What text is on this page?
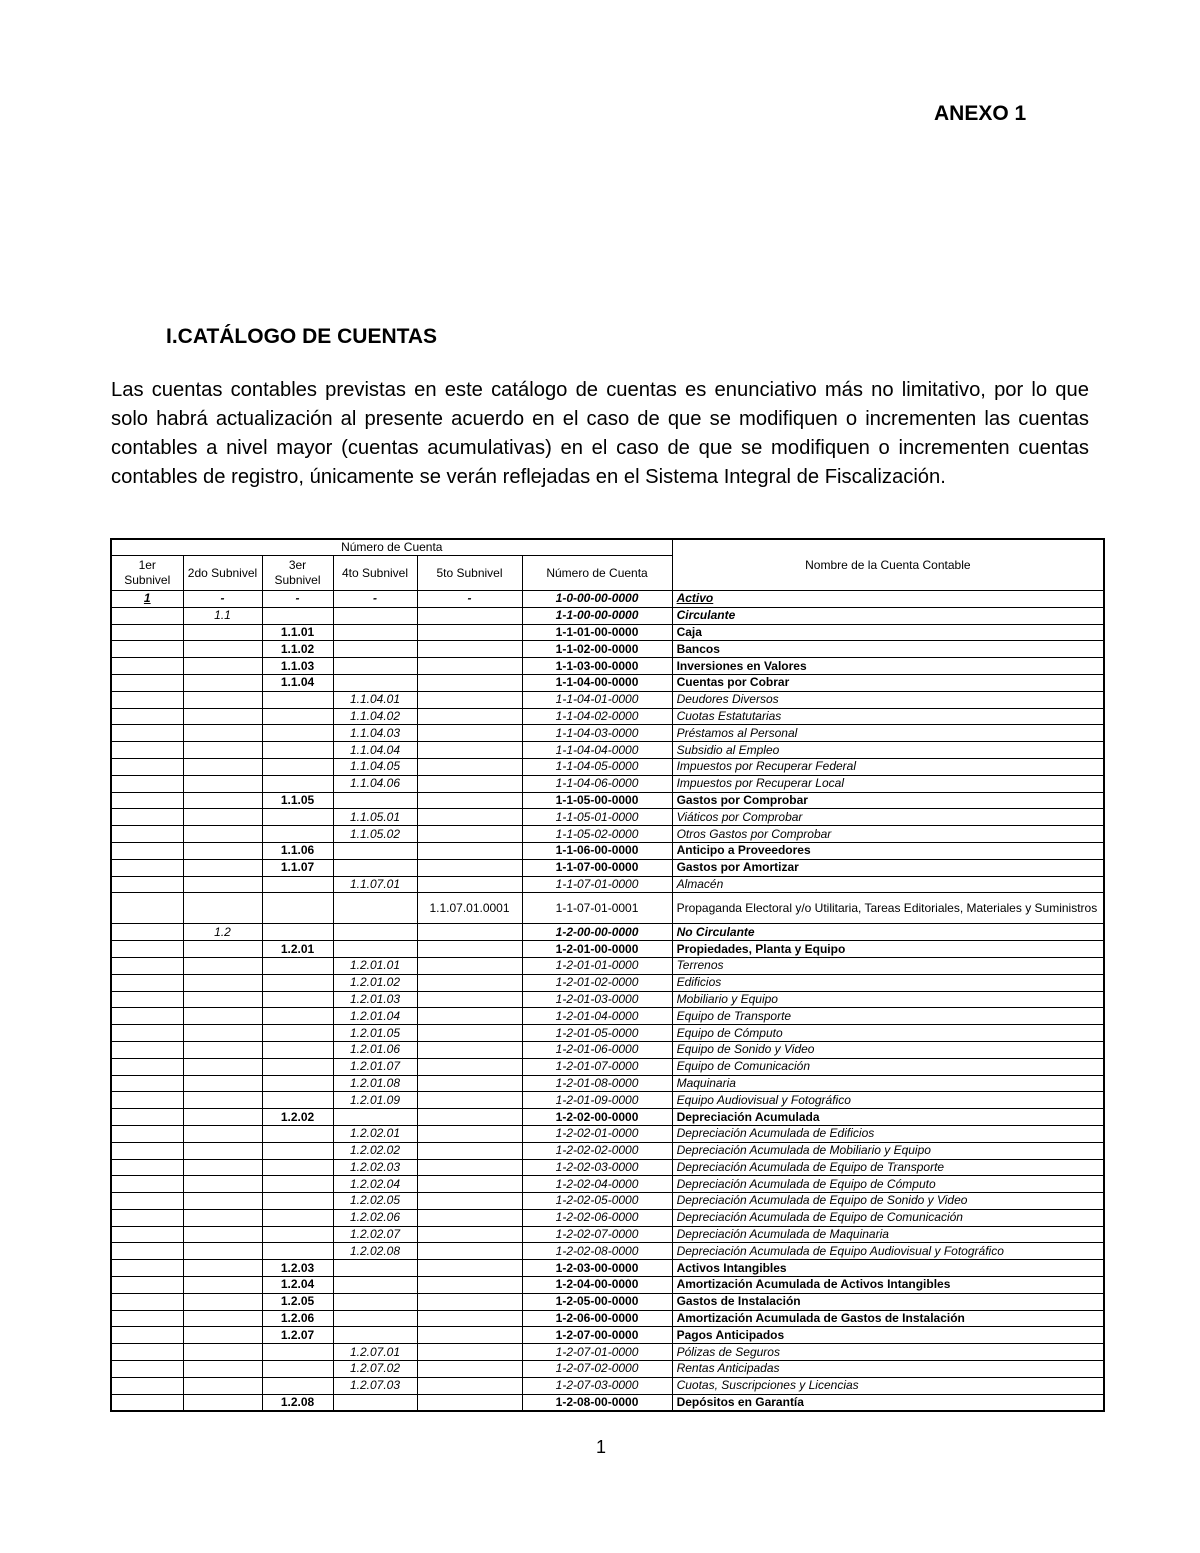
ANEXO 1
I.CATÁLOGO DE CUENTAS

Las cuentas contables previstas en este catálogo de cuentas es enunciativo más no limitativo, por lo que solo habrá actualización al presente acuerdo en el caso de que se modifiquen o incrementen las cuentas contables a nivel mayor (cuentas acumulativas) en el caso de que se modifiquen o incrementen cuentas contables de registro, únicamente se verán reflejadas en el Sistema Integral de Fiscalización.

Número de Cuenta						Nombre de la Cuenta Contable
1er Subnivel	2do Subnivel	3er Subnivel	4to Subnivel	5to Subnivel	Número de Cuenta	
1	-	-	-	-	1-0-00-00-0000	Activo
	1.1				1-1-00-00-0000	Circulante
		1.1.01			1-1-01-00-0000	Caja
		1.1.02			1-1-02-00-0000	Bancos
		1.1.03			1-1-03-00-0000	Inversiones en Valores
		1.1.04			1-1-04-00-0000	Cuentas por Cobrar
			1.1.04.01		1-1-04-01-0000	Deudores Diversos
			1.1.04.02		1-1-04-02-0000	Cuotas Estatutarias
			1.1.04.03		1-1-04-03-0000	Préstamos al Personal
			1.1.04.04		1-1-04-04-0000	Subsidio al Empleo
			1.1.04.05		1-1-04-05-0000	Impuestos por Recuperar Federal
			1.1.04.06		1-1-04-06-0000	Impuestos por Recuperar Local
		1.1.05			1-1-05-00-0000	Gastos por Comprobar
			1.1.05.01		1-1-05-01-0000	Viáticos por Comprobar
			1.1.05.02		1-1-05-02-0000	Otros Gastos por Comprobar
		1.1.06			1-1-06-00-0000	Anticipo a Proveedores
		1.1.07			1-1-07-00-0000	Gastos por Amortizar
			1.1.07.01		1-1-07-01-0000	Almacén
				1.1.07.01.0001	1-1-07-01-0001	Propaganda Electoral y/o Utilitaria, Tareas Editoriales, Materiales y Suministros
	1.2				1-2-00-00-0000	No Circulante
		1.2.01			1-2-01-00-0000	Propiedades, Planta y Equipo
			1.2.01.01		1-2-01-01-0000	Terrenos
			1.2.01.02		1-2-01-02-0000	Edificios
			1.2.01.03		1-2-01-03-0000	Mobiliario y Equipo
			1.2.01.04		1-2-01-04-0000	Equipo de Transporte
			1.2.01.05		1-2-01-05-0000	Equipo de Cómputo
			1.2.01.06		1-2-01-06-0000	Equipo de Sonido y Video
			1.2.01.07		1-2-01-07-0000	Equipo de Comunicación
			1.2.01.08		1-2-01-08-0000	Maquinaria
			1.2.01.09		1-2-01-09-0000	Equipo Audiovisual y Fotográfico
		1.2.02			1-2-02-00-0000	Depreciación Acumulada
			1.2.02.01		1-2-02-01-0000	Depreciación Acumulada de Edificios
			1.2.02.02		1-2-02-02-0000	Depreciación Acumulada de Mobiliario y Equipo
			1.2.02.03		1-2-02-03-0000	Depreciación Acumulada de Equipo de Transporte
			1.2.02.04		1-2-02-04-0000	Depreciación Acumulada de Equipo de Cómputo
			1.2.02.05		1-2-02-05-0000	Depreciación Acumulada de Equipo de Sonido y Video
			1.2.02.06		1-2-02-06-0000	Depreciación Acumulada de Equipo de Comunicación
			1.2.02.07		1-2-02-07-0000	Depreciación Acumulada de Maquinaria
			1.2.02.08		1-2-02-08-0000	Depreciación Acumulada de Equipo Audiovisual y Fotográfico
		1.2.03			1-2-03-00-0000	Activos Intangibles
		1.2.04			1-2-04-00-0000	Amortización Acumulada de Activos Intangibles
		1.2.05			1-2-05-00-0000	Gastos de Instalación
		1.2.06			1-2-06-00-0000	Amortización Acumulada de Gastos de Instalación
		1.2.07			1-2-07-00-0000	Pagos Anticipados
			1.2.07.01		1-2-07-01-0000	Pólizas de Seguros
			1.2.07.02		1-2-07-02-0000	Rentas Anticipadas
			1.2.07.03		1-2-07-03-0000	Cuotas, Suscripciones y Licencias
		1.2.08			1-2-08-00-0000	Depósitos en Garantía
1
